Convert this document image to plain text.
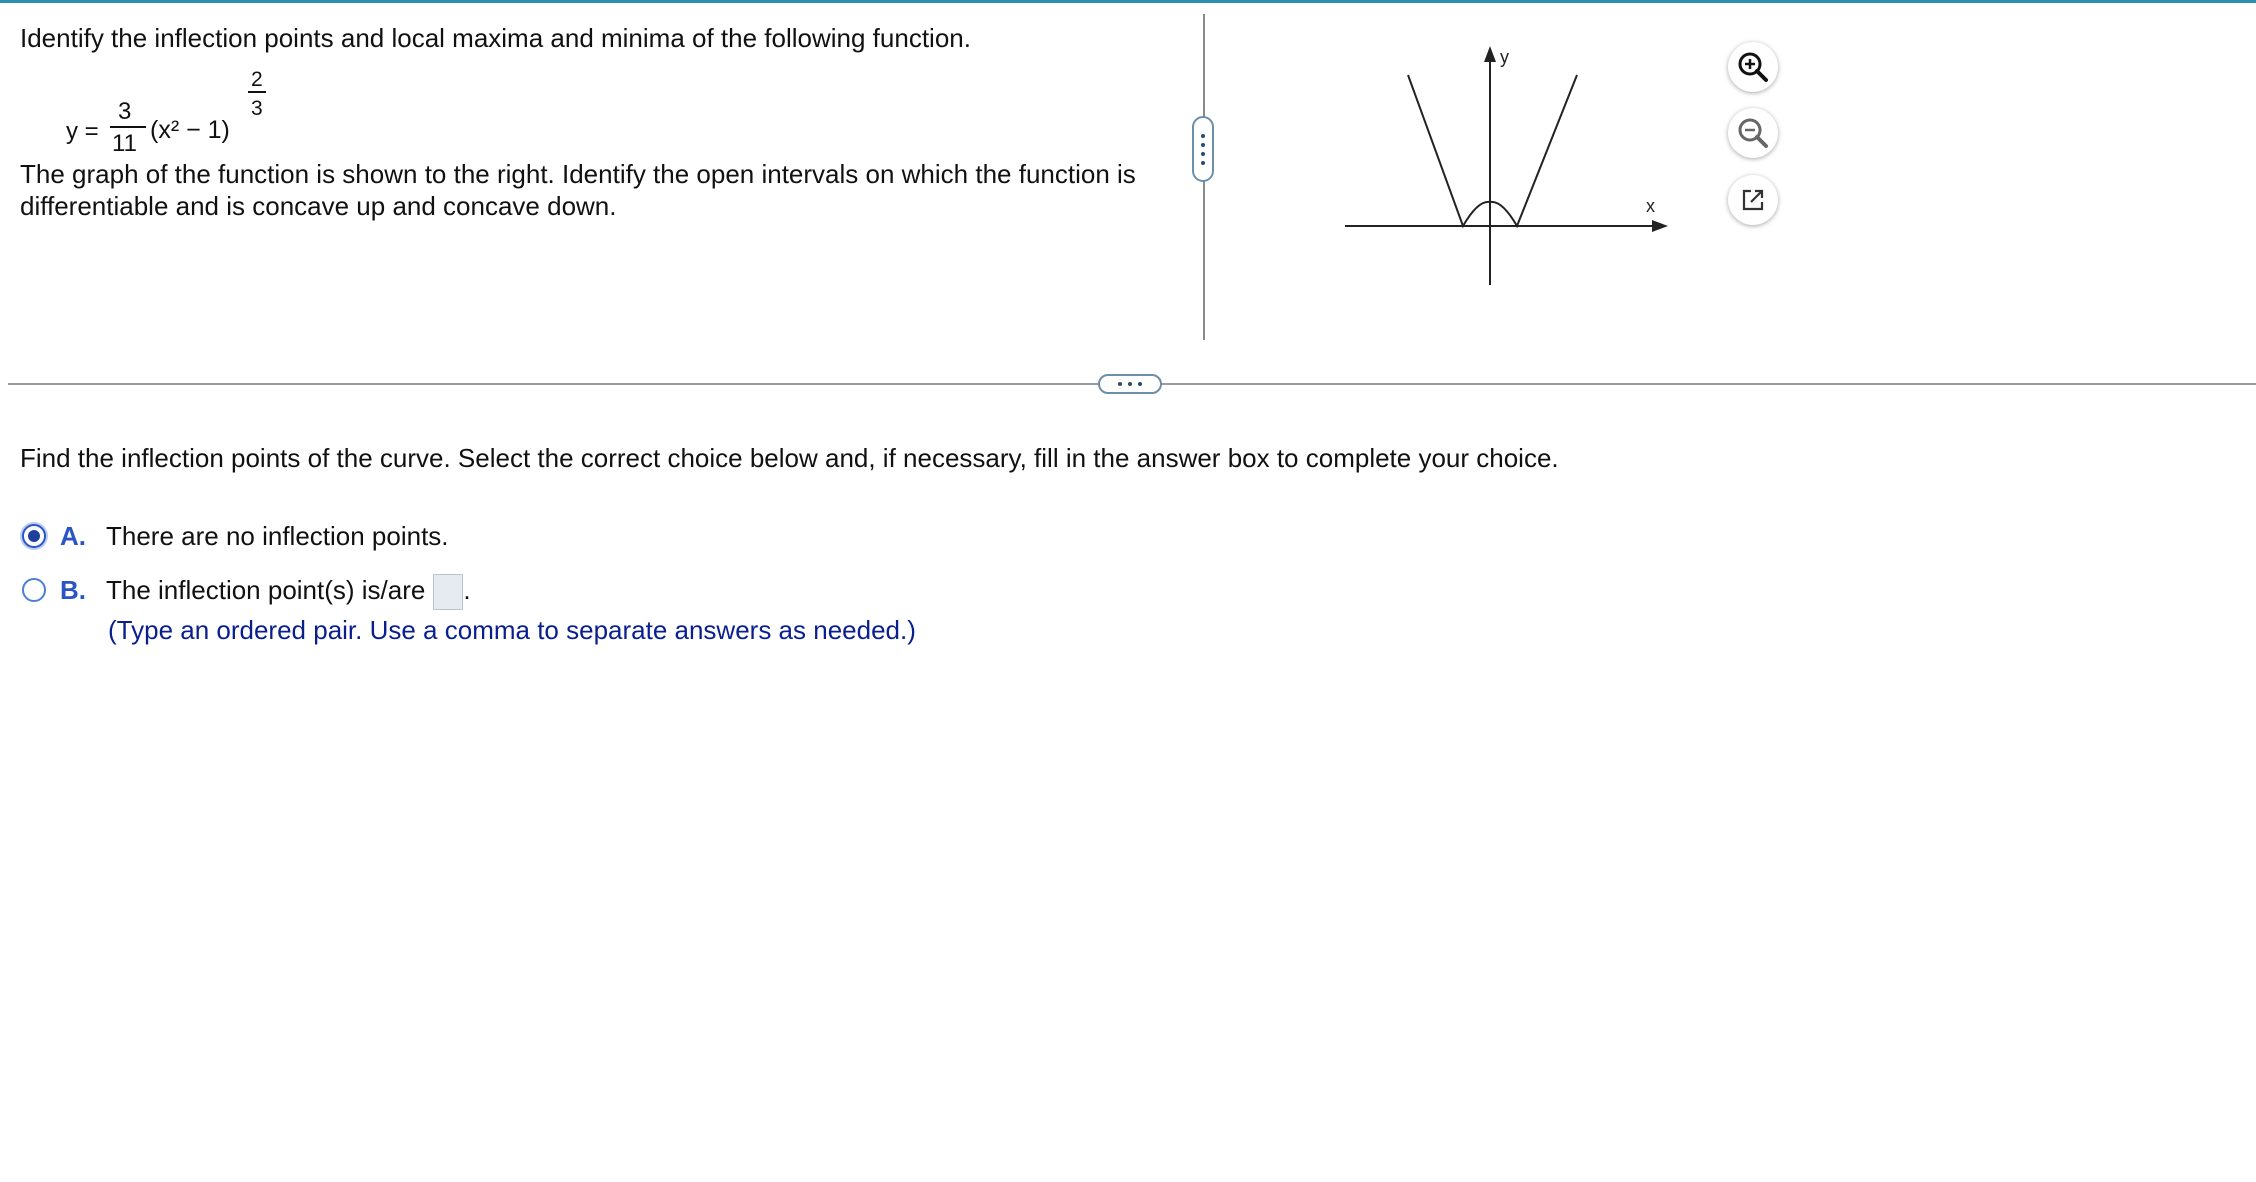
Identify the inflection points and local maxima and minima of the following function.

y =
3
11 (x² − 1)
2
3

The graph of the function is shown to the right. Identify the open intervals on which the function is differentiable and is concave up and concave down.	x
y

Find the inflection points of the curve. Select the correct choice below and, if necessary, fill in the answer box to complete your choice.

A. There are no inflection points.
B. The inflection point(s) is/are .
(Type an ordered pair. Use a comma to separate answers as needed.)
